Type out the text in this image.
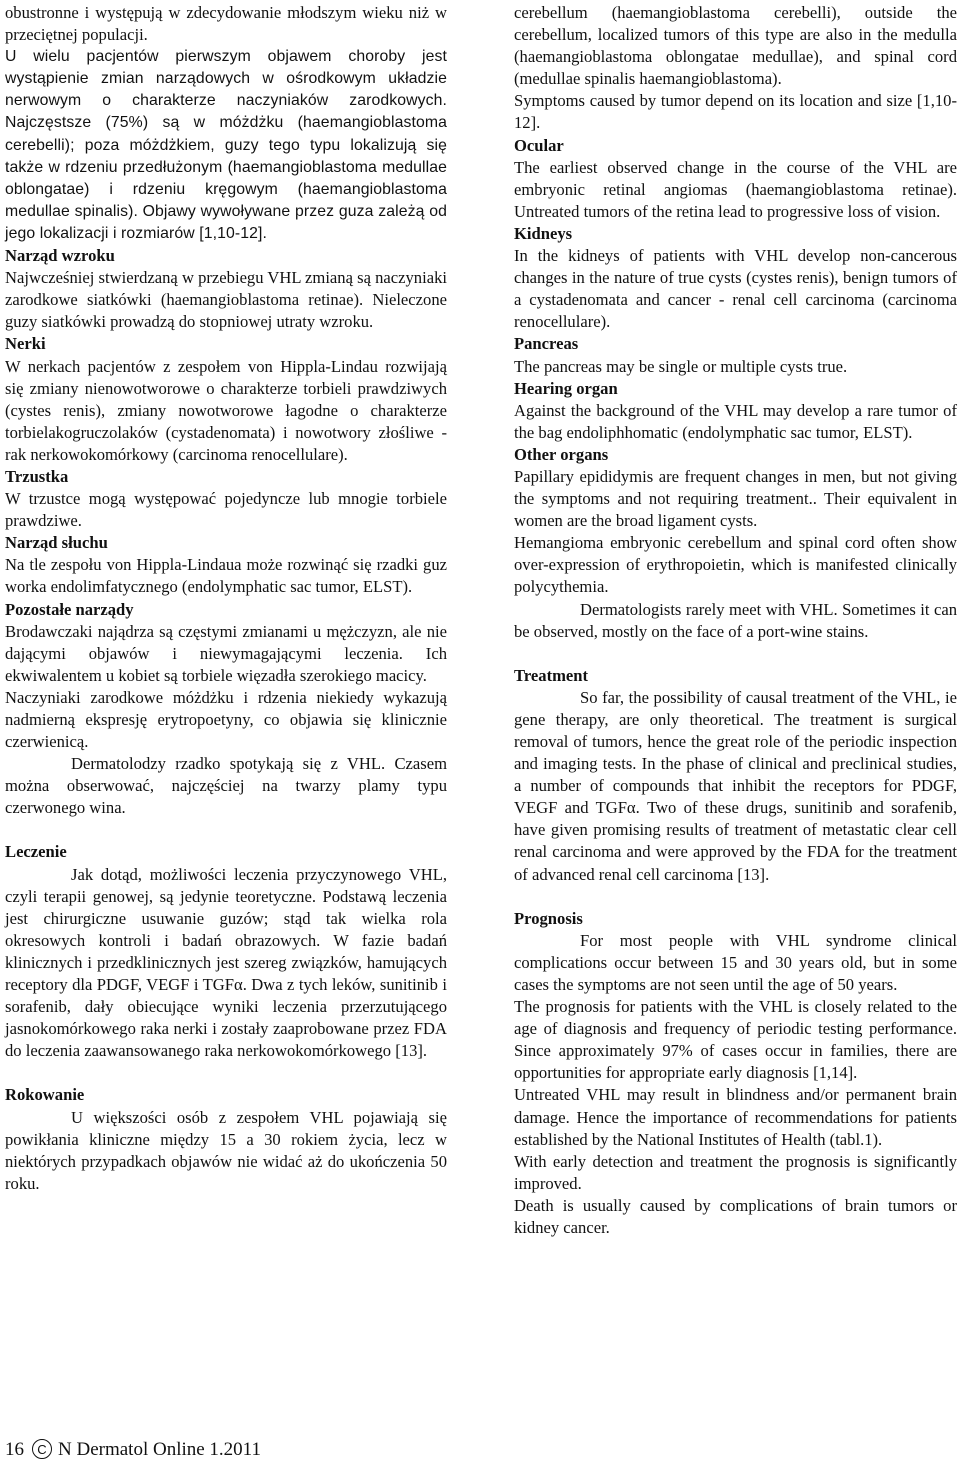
obustronne i występują w zdecydowanie młodszym wieku niż w przeciętnej populacji.

U wielu pacjentów pierwszym objawem choroby jest wystąpienie zmian narządowych w ośrodkowym układzie nerwowym o charakterze naczyniaków zarodkowych. Najczęstsze (75%) są w móżdżku (haemangioblastoma cerebelli); poza móżdżkiem, guzy tego typu lokalizują się także w rdzeniu przedłużonym (haemangioblastoma medullae oblongatae) i rdzeniu kręgowym (haemangioblastoma medullae spinalis). Objawy wywoływane przez guza zależą od jego lokalizacji i rozmiarów [1,10-12].

Narząd wzroku

Najwcześniej stwierdzaną w przebiegu VHL zmianą są naczyniaki zarodkowe siatkówki (haemangioblastoma retinae). Nieleczone guzy siatkówki prowadzą do stopniowej utraty wzroku.

Nerki

W nerkach pacjentów z zespołem von Hippla-Lindau rozwijają się zmiany nienowotworowe o charakterze torbieli prawdziwych (cystes renis), zmiany nowotworowe łagodne o charakterze torbielakogruczolaków (cystadenomata) i nowotwory złośliwe - rak nerkowokomórkowy (carcinoma renocellulare).

Trzustka

W trzustce mogą występować pojedyncze lub mnogie torbiele prawdziwe.

Narząd słuchu

Na tle zespołu von Hippla-Lindaua może rozwinąć się rzadki guz worka endolimfatycznego (endolymphatic sac tumor, ELST).

Pozostałe narządy

Brodawczaki najądrza są częstymi zmianami u mężczyzn, ale nie dającymi objawów i niewymagającymi leczenia. Ich ekwiwalentem u kobiet są torbiele więzadła szerokiego macicy.

Naczyniaki zarodkowe móżdżku i rdzenia niekiedy wykazują nadmierną ekspresję erytropoetyny, co objawia się klinicznie czerwienicą.

Dermatolodzy rzadko spotykają się z VHL. Czasem można obserwować, najczęściej na twarzy plamy typu czerwonego wina.

Leczenie

Jak dotąd, możliwości leczenia przyczynowego VHL, czyli terapii genowej, są jedynie teoretyczne. Podstawą leczenia jest chirurgiczne usuwanie guzów; stąd tak wielka rola okresowych kontroli i badań obrazowych. W fazie badań klinicznych i przedklinicznych jest szereg związków, hamujących receptory dla PDGF, VEGF i TGFα. Dwa z tych leków, sunitinib i sorafenib, dały obiecujące wyniki leczenia przerzutującego jasnokomórkowego raka nerki i zostały zaaprobowane przez FDA do leczenia zaawansowanego raka nerkowokomórkowego [13].

Rokowanie

U większości osób z zespołem VHL pojawiają się powikłania kliniczne między 15 a 30 rokiem życia, lecz w niektórych przypadkach objawów nie widać aż do ukończenia 50 roku.

cerebellum (haemangioblastoma cerebelli), outside the cerebellum, localized tumors of this type are also in the medulla (haemangioblastoma oblongatae medullae), and spinal cord (medullae spinalis haemangioblastoma).

Symptoms caused by tumor depend on its location and size [1,10-12].

Ocular

The earliest observed change in the course of the VHL are embryonic retinal angiomas (haemangioblastoma retinae). Untreated tumors of the retina lead to progressive loss of vision.

Kidneys

In the kidneys of patients with VHL develop non-cancerous changes in the nature of true cysts (cystes renis), benign tumors of a cystadenomata and cancer - renal cell carcinoma (carcinoma renocellulare).

Pancreas

The pancreas may be single or multiple cysts true.

Hearing organ

Against the background of the VHL may develop a rare tumor of the bag endoliphhomatic (endolymphatic sac tumor, ELST).

Other organs

Papillary epididymis are frequent changes in men, but not giving the symptoms and not requiring treatment.. Their equivalent in women are the broad ligament cysts.

Hemangioma embryonic cerebellum and spinal cord often show over-expression of erythropoietin, which is manifested clinically polycythemia.

Dermatologists rarely meet with VHL. Sometimes it can be observed, mostly on the face of a port-wine stains.

Treatment

So far, the possibility of causal treatment of the VHL, ie gene therapy, are only theoretical. The treatment is surgical removal of tumors, hence the great role of the periodic inspection and imaging tests. In the phase of clinical and preclinical studies, a number of compounds that inhibit the receptors for PDGF, VEGF and TGFα. Two of these drugs, sunitinib and sorafenib, have given promising results of treatment of metastatic clear cell renal carcinoma and were approved by the FDA for the treatment of advanced renal cell carcinoma [13].

Prognosis

For most people with VHL syndrome clinical complications occur between 15 and 30 years old, but in some cases the symptoms are not seen until the age of 50 years.

The prognosis for patients with the VHL is closely related to the age of diagnosis and frequency of periodic testing performance. Since approximately 97% of cases occur in families, there are opportunities for appropriate early diagnosis [1,14].

Untreated VHL may result in blindness and/or permanent brain damage. Hence the importance of recommendations for patients established by the National Institutes of Health (tabl.1).

With early detection and treatment the prognosis is significantly improved.

Death is usually caused by complications of brain tumors or kidney cancer.

16 C N Dermatol Online 1.2011
